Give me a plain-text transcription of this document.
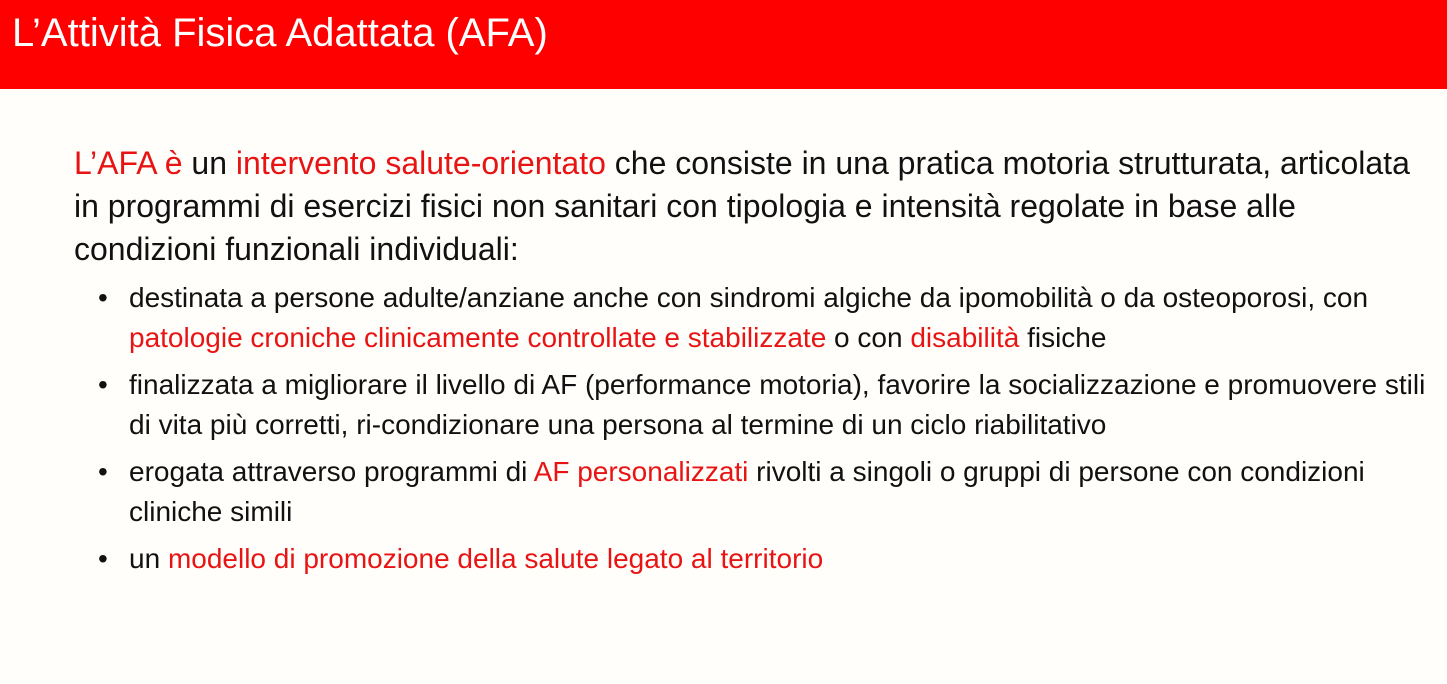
L’Attività Fisica Adattata (AFA)

L’AFA è un intervento salute-orientato che consiste in una pratica motoria strutturata, articolata in programmi di esercizi fisici non sanitari con tipologia e intensità regolate in base alle condizioni funzionali individuali:

• destinata a persone adulte/anziane anche con sindromi algiche da ipomobilità o da osteoporosi, con patologie croniche clinicamente controllate e stabilizzate o con disabilità fisiche
• finalizzata a migliorare il livello di AF (performance motoria), favorire la socializzazione e promuovere stili di vita più corretti, ri-condizionare una persona al termine di un ciclo riabilitativo
• erogata attraverso programmi di AF personalizzati rivolti a singoli o gruppi di persone con condizioni cliniche simili
• un modello di promozione della salute legato al territorio
